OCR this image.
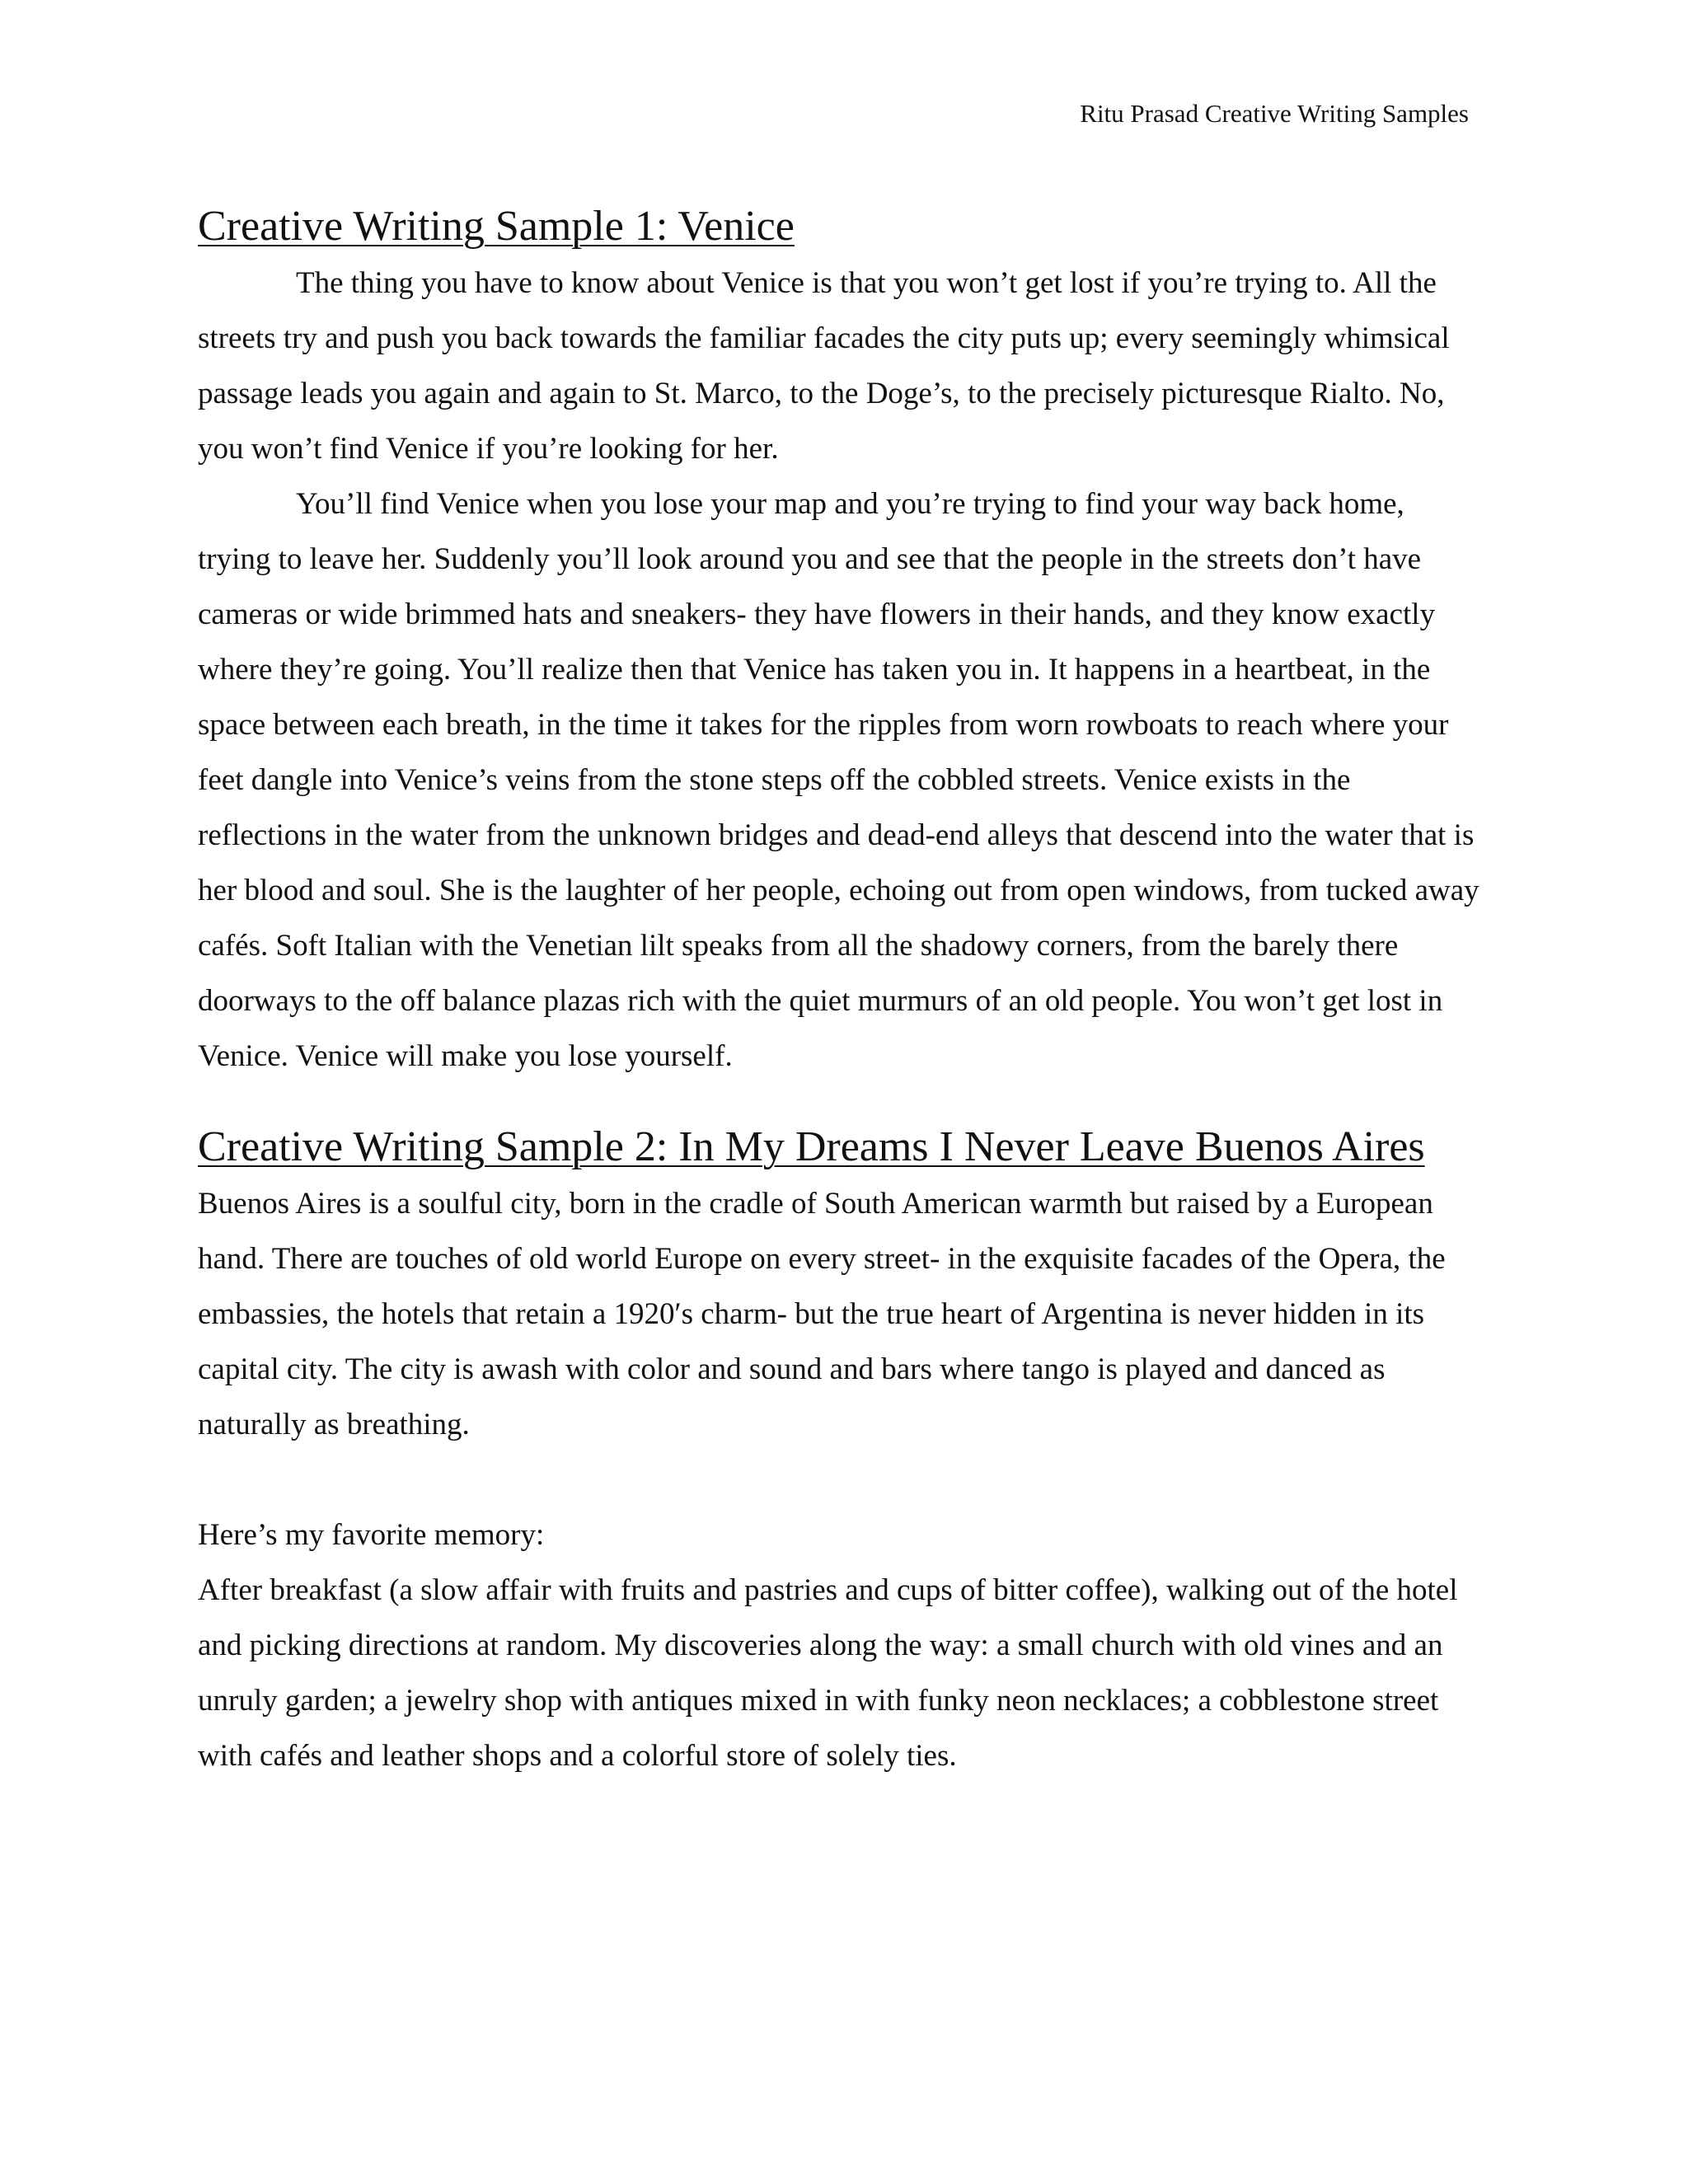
Ritu Prasad Creative Writing Samples
Creative Writing Sample 1: Venice

The thing you have to know about Venice is that you won’t get lost if you’re trying to. All the streets try and push you back towards the familiar facades the city puts up; every seemingly whimsical passage leads you again and again to St. Marco, to the Doge’s, to the precisely picturesque Rialto. No, you won’t find Venice if you’re looking for her.

You’ll find Venice when you lose your map and you’re trying to find your way back home, trying to leave her. Suddenly you’ll look around you and see that the people in the streets don’t have cameras or wide brimmed hats and sneakers- they have flowers in their hands, and they know exactly where they’re going. You’ll realize then that Venice has taken you in. It happens in a heartbeat, in the space between each breath, in the time it takes for the ripples from worn rowboats to reach where your feet dangle into Venice’s veins from the stone steps off the cobbled streets. Venice exists in the reflections in the water from the unknown bridges and dead-end alleys that descend into the water that is her blood and soul. She is the laughter of her people, echoing out from open windows, from tucked away cafés. Soft Italian with the Venetian lilt speaks from all the shadowy corners, from the barely there doorways to the off balance plazas rich with the quiet murmurs of an old people. You won’t get lost in Venice. Venice will make you lose yourself.

Creative Writing Sample 2: In My Dreams I Never Leave Buenos Aires

Buenos Aires is a soulful city, born in the cradle of South American warmth but raised by a European hand. There are touches of old world Europe on every street- in the exquisite facades of the Opera, the embassies, the hotels that retain a 1920′s charm- but the true heart of Argentina is never hidden in its capital city. The city is awash with color and sound and bars where tango is played and danced as naturally as breathing.

Here’s my favorite memory:

After breakfast (a slow affair with fruits and pastries and cups of bitter coffee), walking out of the hotel and picking directions at random. My discoveries along the way: a small church with old vines and an unruly garden; a jewelry shop with antiques mixed in with funky neon necklaces; a cobblestone street with cafés and leather shops and a colorful store of solely ties.
